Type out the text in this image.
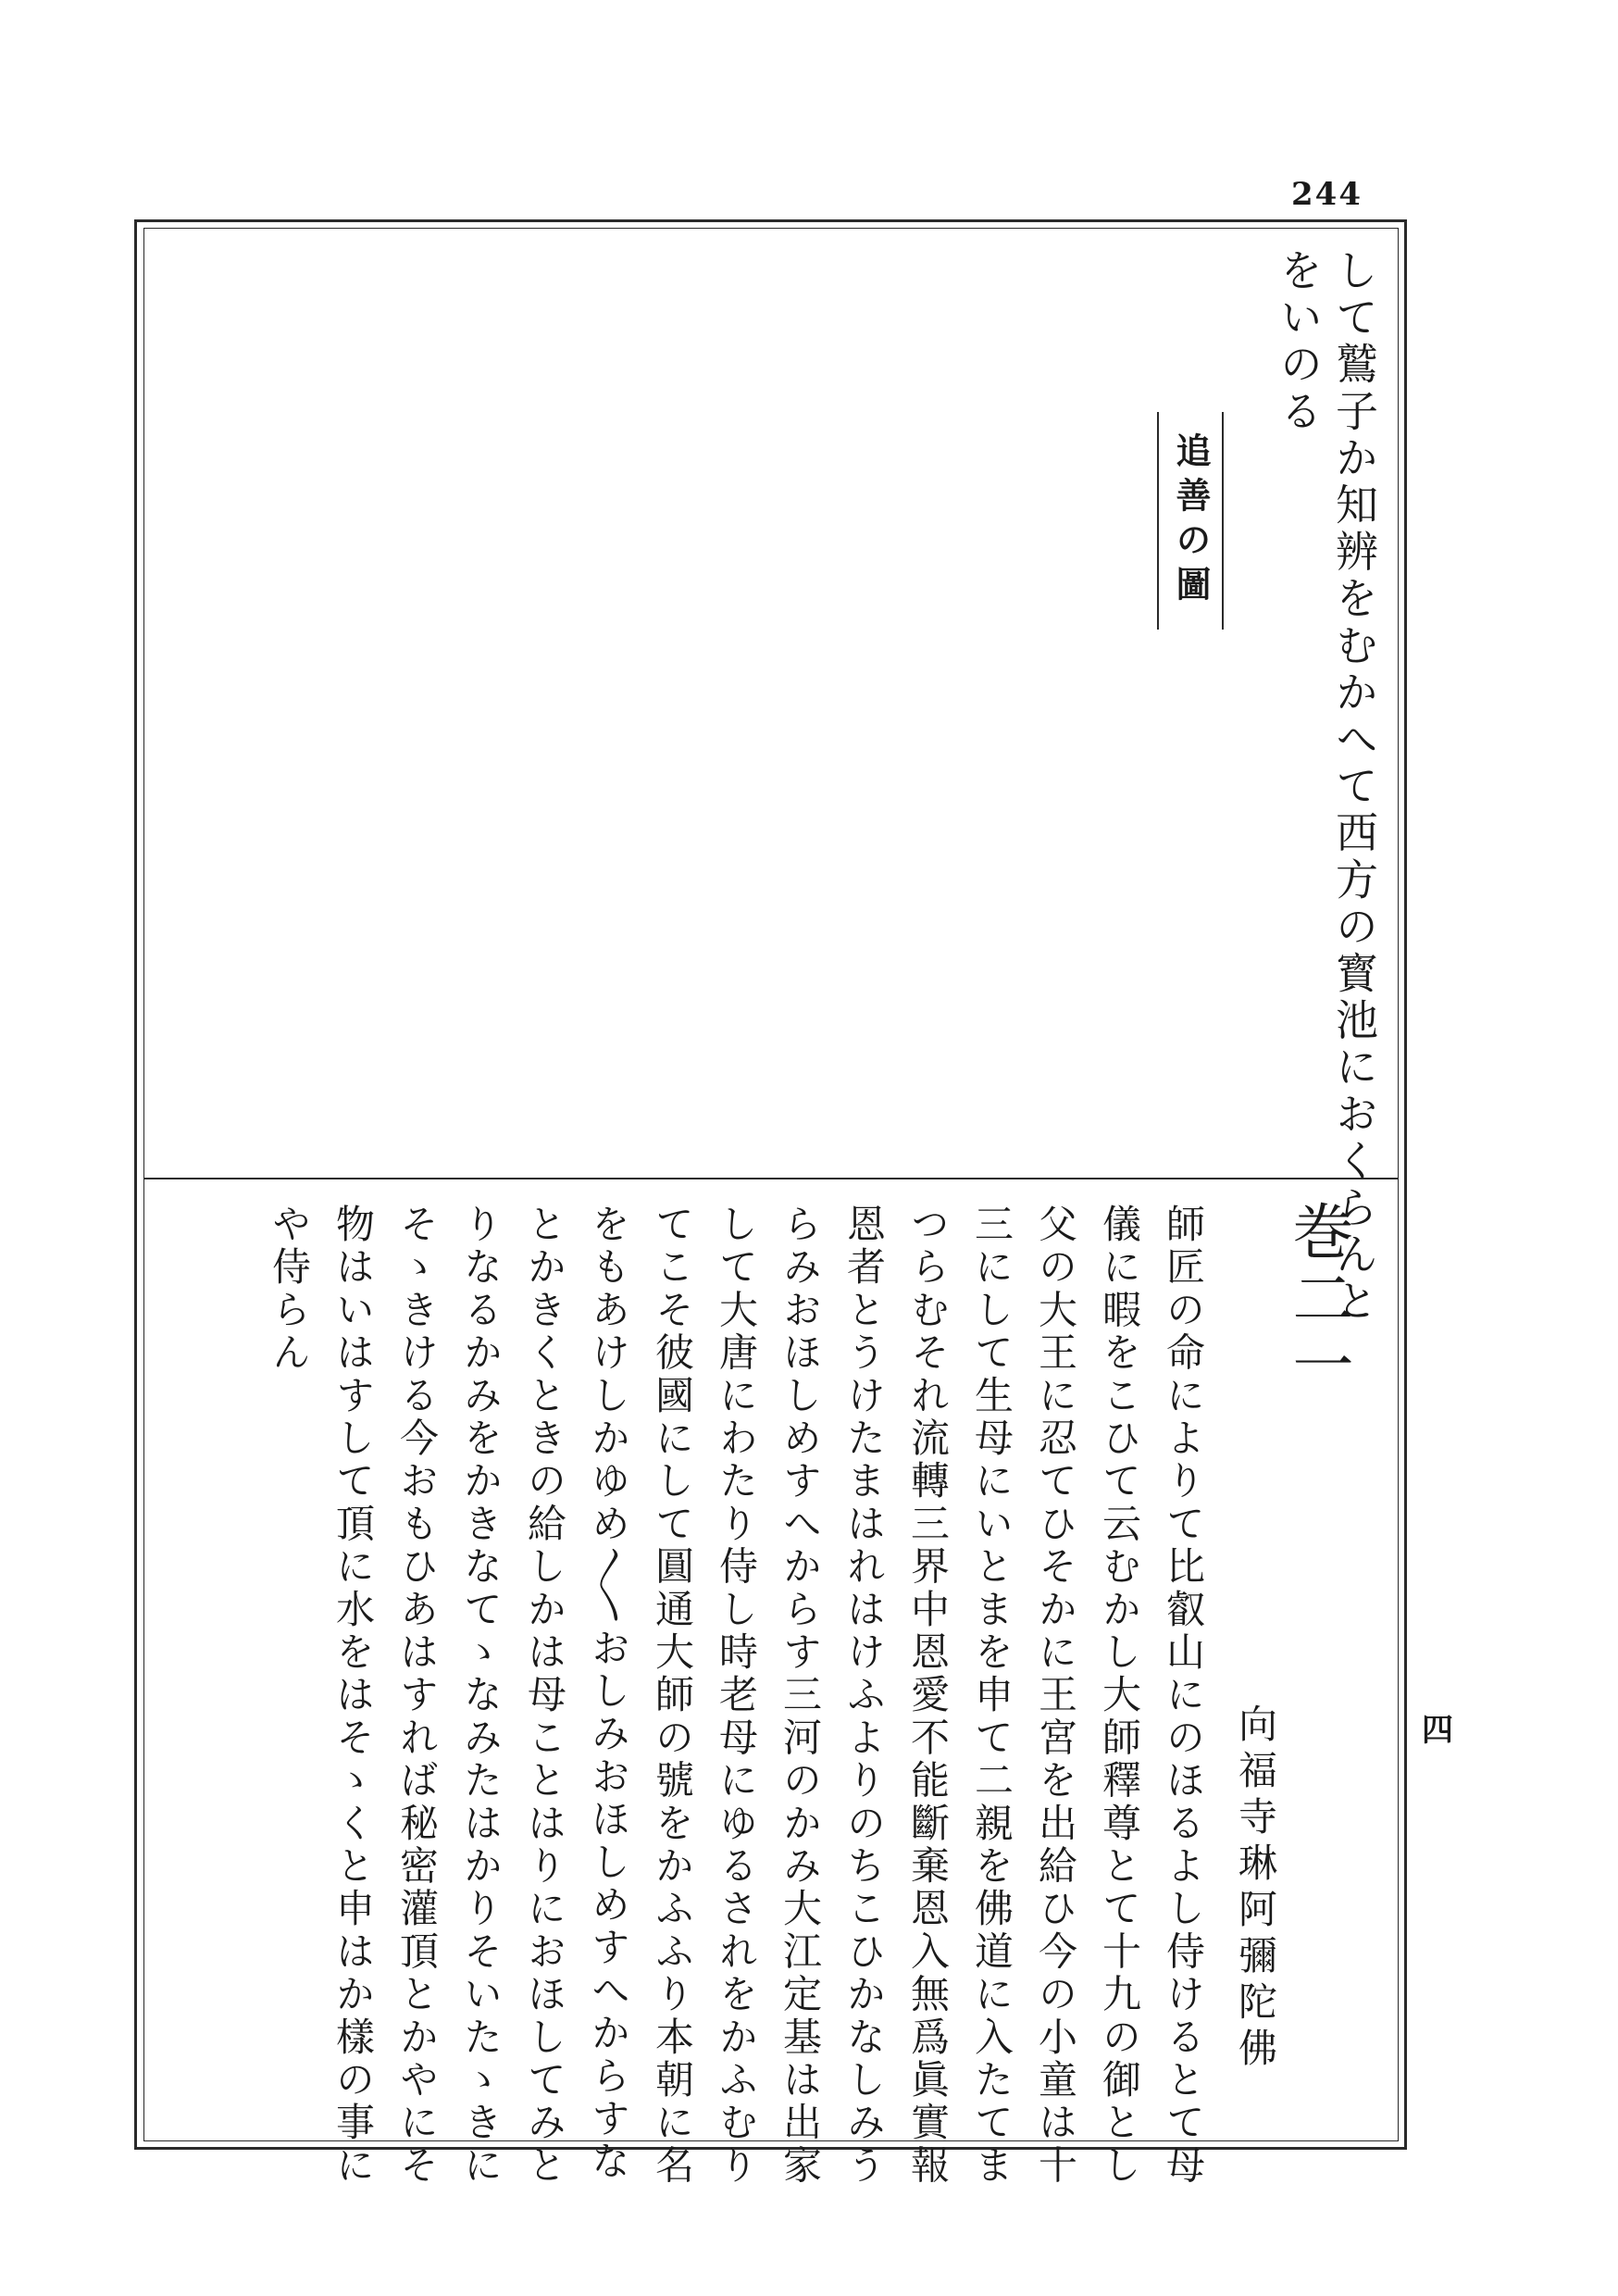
244
して鷲子か知辨をむかへて西方の寳池におくらんと
をいのる
追善の圖
巻二一
向福寺琳阿彌陀佛	四
師匠の命によりて比叡山にのほるよし侍けるとて母
儀に暇をこひて云むかし大師釋尊とて十九の御とし
父の大王に忍てひそかに王宮を出給ひ今の小童は十
三にして生母にいとまを申て二親を佛道に入たてま
つらむそれ流轉三界中恩愛不能斷棄恩入無爲眞實報
恩者とうけたまはれはけふよりのちこひかなしみう
らみおほしめすへからす三河のかみ大江定基は出家
して大唐にわたり侍し時老母にゆるされをかふむり
てこそ彼國にして圓通大師の號をかふふり本朝に名
をもあけしかゆめ〳〵おしみおほしめすへからすな
とかきくときの給しかは母ことはりにおほしてみと
りなるかみをかきなてゝなみたはかりそいたゝきに
そゝきける今おもひあはすれば秘密灌頂とかやにそ
物はいはすして頂に水をはそゝくと申はか樣の事に
や侍らん
